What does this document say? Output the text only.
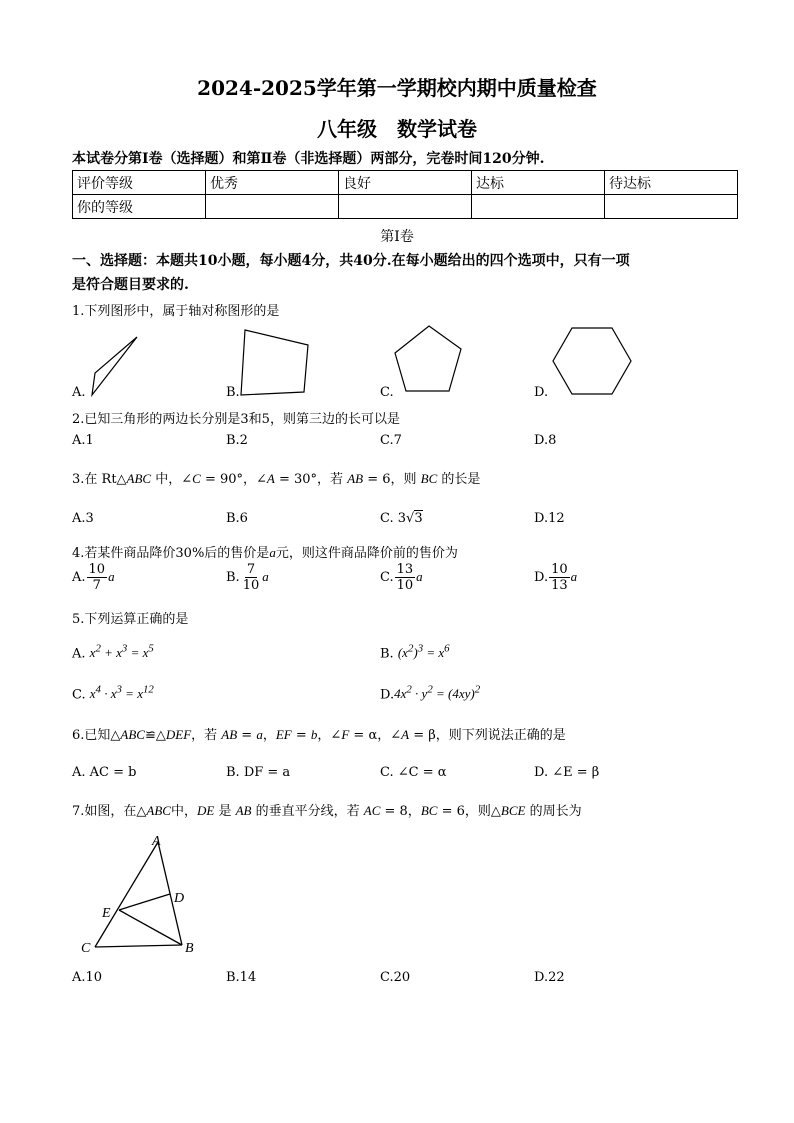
2024-2025学年第一学期校内期中质量检查
八年级　数学试卷
本试卷分第Ⅰ卷（选择题）和第Ⅱ卷（非选择题）两部分，完卷时间120分钟.
评价等级	优秀	良好	达标	待达标
你的等级				
第Ⅰ卷
一、选择题：本题共10小题，每小题4分，共40分.在每小题给出的四个选项中，只有一项
是符合题目要求的.
1.下列图形中，属于轴对称图形的是
A.	B.	C.	D.
2.已知三角形的两边长分别是3和5，则第三边的长可以是
A.1	B.2	C.7	D.8
3.在 Rt△ABC 中，∠C = 90°，∠A = 30°，若 AB = 6，则 BC 的长是
A.3	B.6	C. 3√3	D.12
4.若某件商品降价30%后的售价是a元，则这件商品降价前的售价为
A. $\frac{10}{7}$ a	B. $\frac{7}{10}$ a	C. $\frac{13}{10}$ a	D. $\frac{10}{13}$ a
5.下列运算正确的是
A. $x^2 + x^3 = x^5$	B. $(x^2)^3 = x^6$
C. $x^4 \cdot x^3 = x^{12}$	$D.4x^2 \cdot y^2 = (4xy)^2$
6.已知△ABC≌△DEF，若 AB = a，EF = b，∠F = α，∠A = β，则下列说法正确的是
A. AC = b	B. DF = a	C. ∠C = α	D. ∠E = β
7.如图，在△ABC中，DE 是 AB 的垂直平分线，若 AC = 8，BC = 6，则△BCE 的周长为
A
D
E
C	B
A.10	B.14	C.20	D.22
